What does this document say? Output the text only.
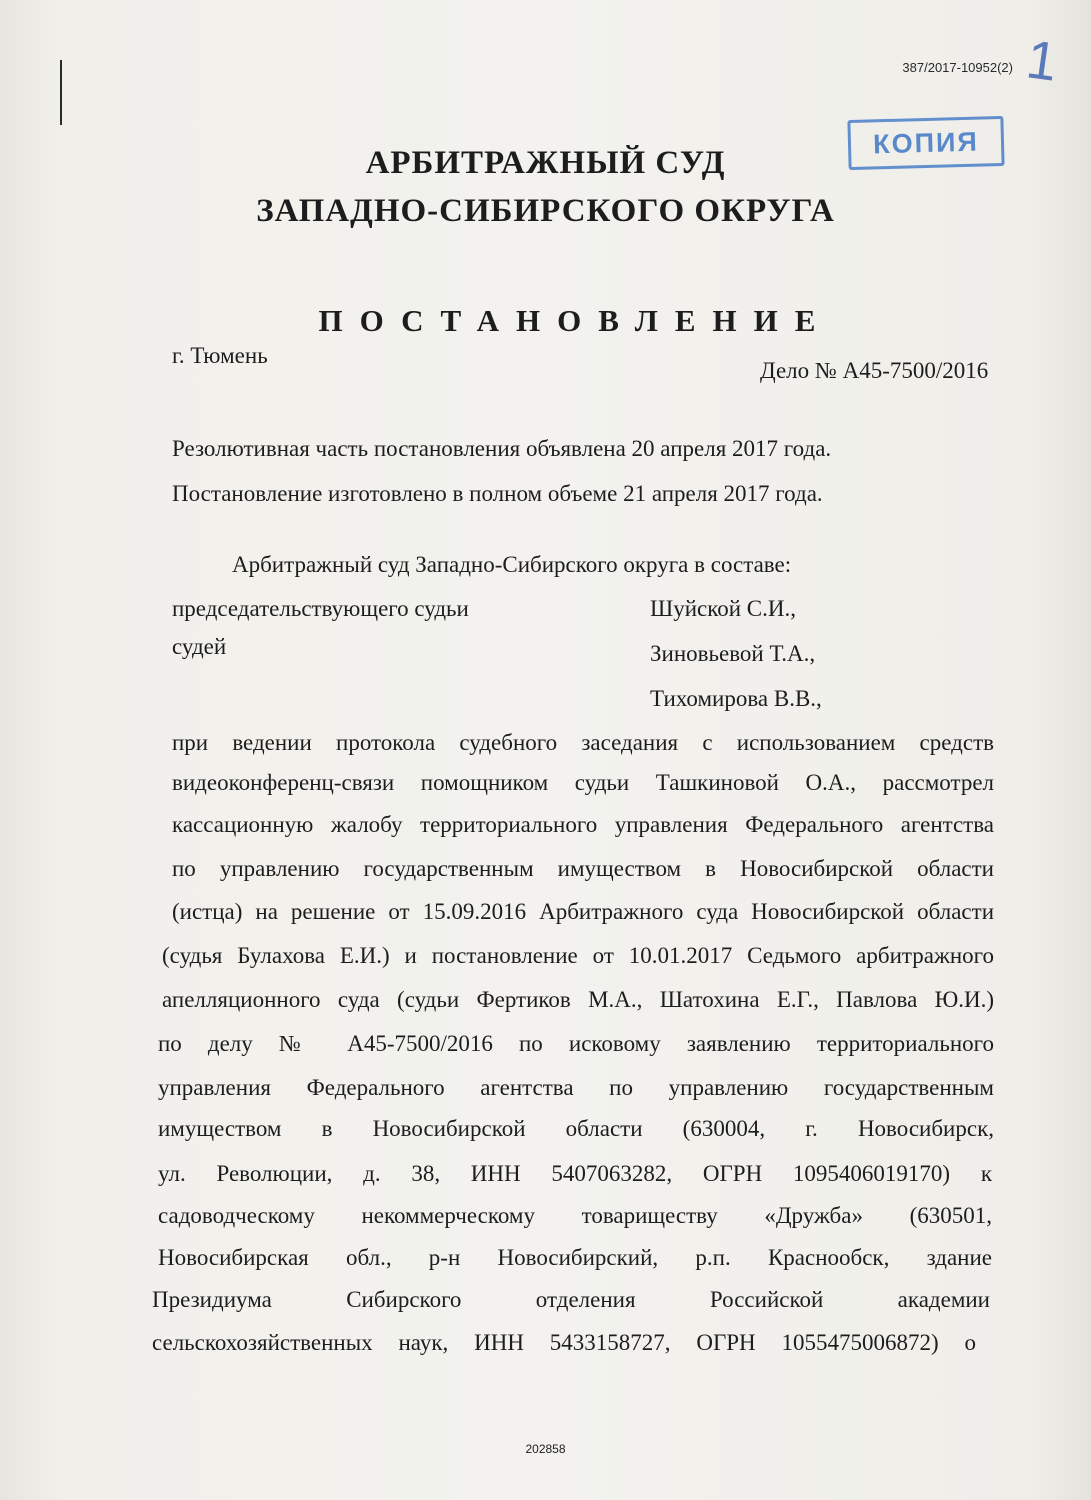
387/2017-10952(2) 1
КОПИЯ
АРБИТРАЖНЫЙ СУД
ЗАПАДНО-СИБИРСКОГО ОКРУГА
ПОСТАНОВЛЕНИЕ
г. Тюмень
Дело № А45-7500/2016
Резолютивная часть постановления объявлена 20 апреля 2017 года.
Постановление изготовлено в полном объеме 21 апреля 2017 года.
Арбитражный суд Западно-Сибирского округа в составе:
председательствующего судьи	Шуйской С.И.,
судей	Зиновьевой Т.А.,
Тихомирова В.В.,
при ведении протокола судебного заседания с использованием средств
видеоконференц-связи помощником судьи Ташкиновой О.А., рассмотрел
кассационную жалобу территориального управления Федерального агентства
по управлению государственным имуществом в Новосибирской области
(истца) на решение от 15.09.2016 Арбитражного суда Новосибирской области
(судья Булахова Е.И.) и постановление от 10.01.2017 Седьмого арбитражного
апелляционного суда (судьи Фертиков М.А., Шатохина Е.Г., Павлова Ю.И.)
по делу № А45-7500/2016 по исковому заявлению территориального
управления Федерального агентства по управлению государственным
имуществом в Новосибирской области (630004, г. Новосибирск,
ул. Революции, д. 38, ИНН 5407063282, ОГРН 1095406019170) к
садоводческому некоммерческому товариществу «Дружба» (630501,
Новосибирская обл., р-н Новосибирский, р.п. Краснообск, здание
Президиума Сибирского отделения Российской академии
сельскохозяйственных наук, ИНН 5433158727, ОГРН 1055475006872) о
202858
